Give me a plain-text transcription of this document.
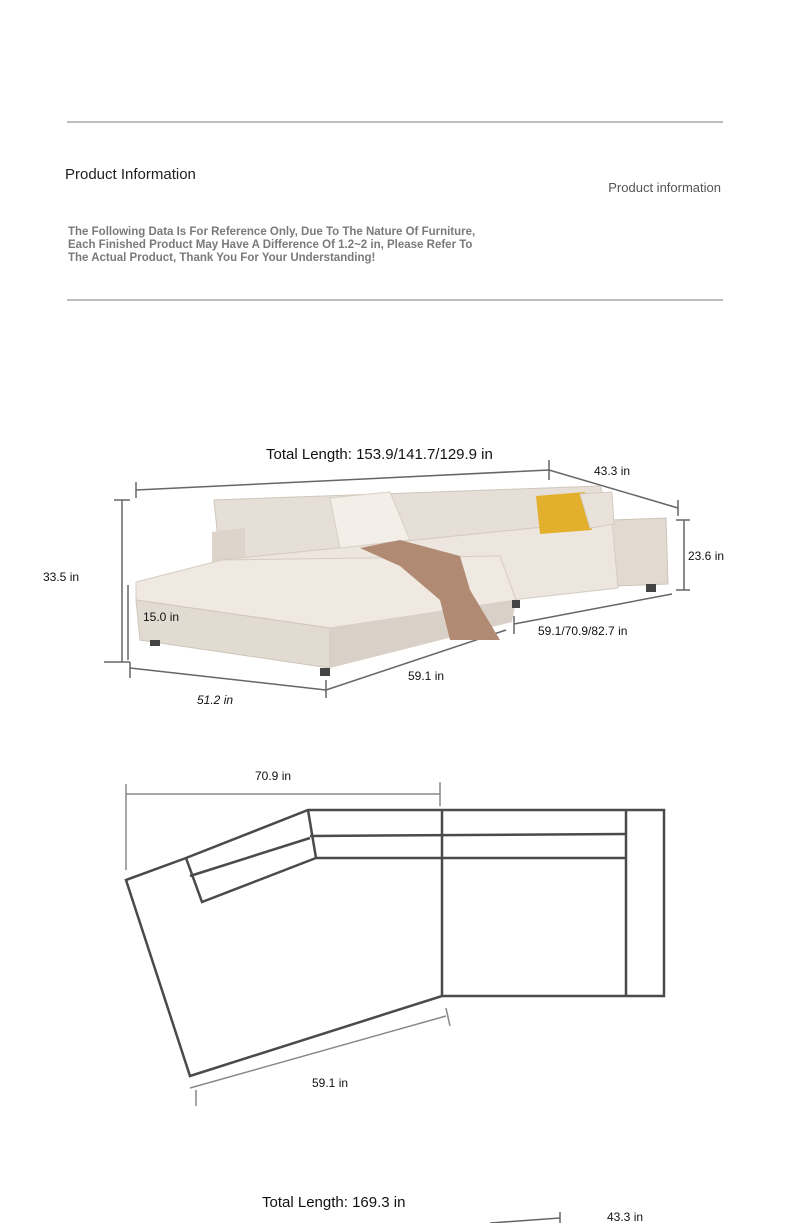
Product Information
Product information
The Following Data Is For Reference Only, Due To The Nature Of Furniture,
Each Finished Product May Have A Difference Of 1.2~2 in, Please Refer To
The Actual Product, Thank You For Your Understanding!
Total Length: 153.9/141.7/129.9 in
43.3 in
33.5 in
23.6 in
15.0 in
59.1/70.9/82.7 in
59.1 in
51.2 in
70.9 in
59.1 in
Total Length: 169.3 in
43.3 in
